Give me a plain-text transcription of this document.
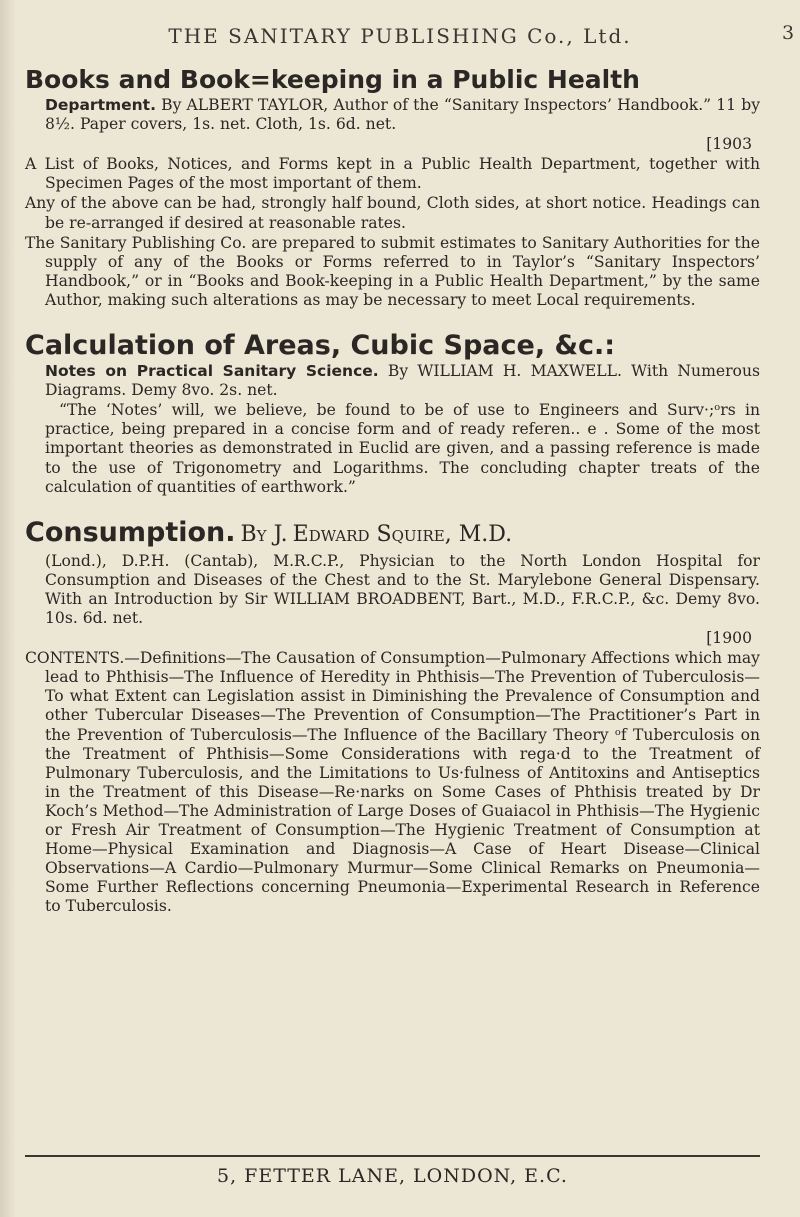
THE SANITARY PUBLISHING Co., Ltd.	3
Books and Book=keeping in a Public Health

Department. By ALBERT TAYLOR, Author of the “Sanitary Inspectors’ Handbook.” 11 by 8½. Paper covers, 1s. net. Cloth, 1s. 6d. net.

[1903

A List of Books, Notices, and Forms kept in a Public Health Department, together with Specimen Pages of the most important of them.

Any of the above can be had, strongly half bound, Cloth sides, at short notice. Headings can be re-arranged if desired at reasonable rates.

The Sanitary Publishing Co. are prepared to submit estimates to Sanitary Authorities for the supply of any of the Books or Forms referred to in Taylor’s “Sanitary Inspectors’ Handbook,” or in “Books and Book-keeping in a Public Health Department,” by the same Author, making such alterations as may be necessary to meet Local requirements.

Calculation of Areas, Cubic Space, &c.:

Notes on Practical Sanitary Science. By WILLIAM H. MAXWELL. With Numerous Diagrams. Demy 8vo. 2s. net.

“The ‘Notes’ will, we believe, be found to be of use to Engineers and Surv·;ᵒrs in practice, being prepared in a concise form and of ready referen.. e . Some of the most important theories as demonstrated in Euclid are given, and a passing reference is made to the use of Trigonometry and Logarithms. The concluding chapter treats of the calculation of quantities of earthwork.”

Consumption. By J. Edward Squire, M.D.

(Lond.), D.P.H. (Cantab), M.R.C.P., Physician to the North London Hospital for Consumption and Diseases of the Chest and to the St. Marylebone General Dispensary. With an Introduction by Sir WILLIAM BROADBENT, Bart., M.D., F.R.C.P., &c. Demy 8vo. 10s. 6d. net.

[1900

CONTENTS.—Definitions—The Causation of Consumption—Pulmonary Affections which may lead to Phthisis—The Influence of Heredity in Phthisis—The Prevention of Tuberculosis—To what Extent can Legislation assist in Diminishing the Prevalence of Consumption and other Tubercular Diseases—The Prevention of Consumption—The Practitioner’s Part in the Prevention of Tuberculosis—The Influence of the Bacillary Theory ᵒf Tuberculosis on the Treatment of Phthisis—Some Considerations with rega·d to the Treatment of Pulmonary Tuberculosis, and the Limitations to Us·fulness of Antitoxins and Antiseptics in the Treatment of this Disease—Re·narks on Some Cases of Phthisis treated by Dr Koch’s Method—The Administration of Large Doses of Guaiacol in Phthisis—The Hygienic or Fresh Air Treatment of Consumption—The Hygienic Treatment of Consumption at Home—Physical Examination and Diagnosis—A Case of Heart Disease—Clinical Observations—A Cardio—Pulmonary Murmur—Some Clinical Remarks on Pneumonia—Some Further Reflections concerning Pneumonia—Experimental Research in Reference to Tuberculosis.

5, FETTER LANE, LONDON, E.C.
